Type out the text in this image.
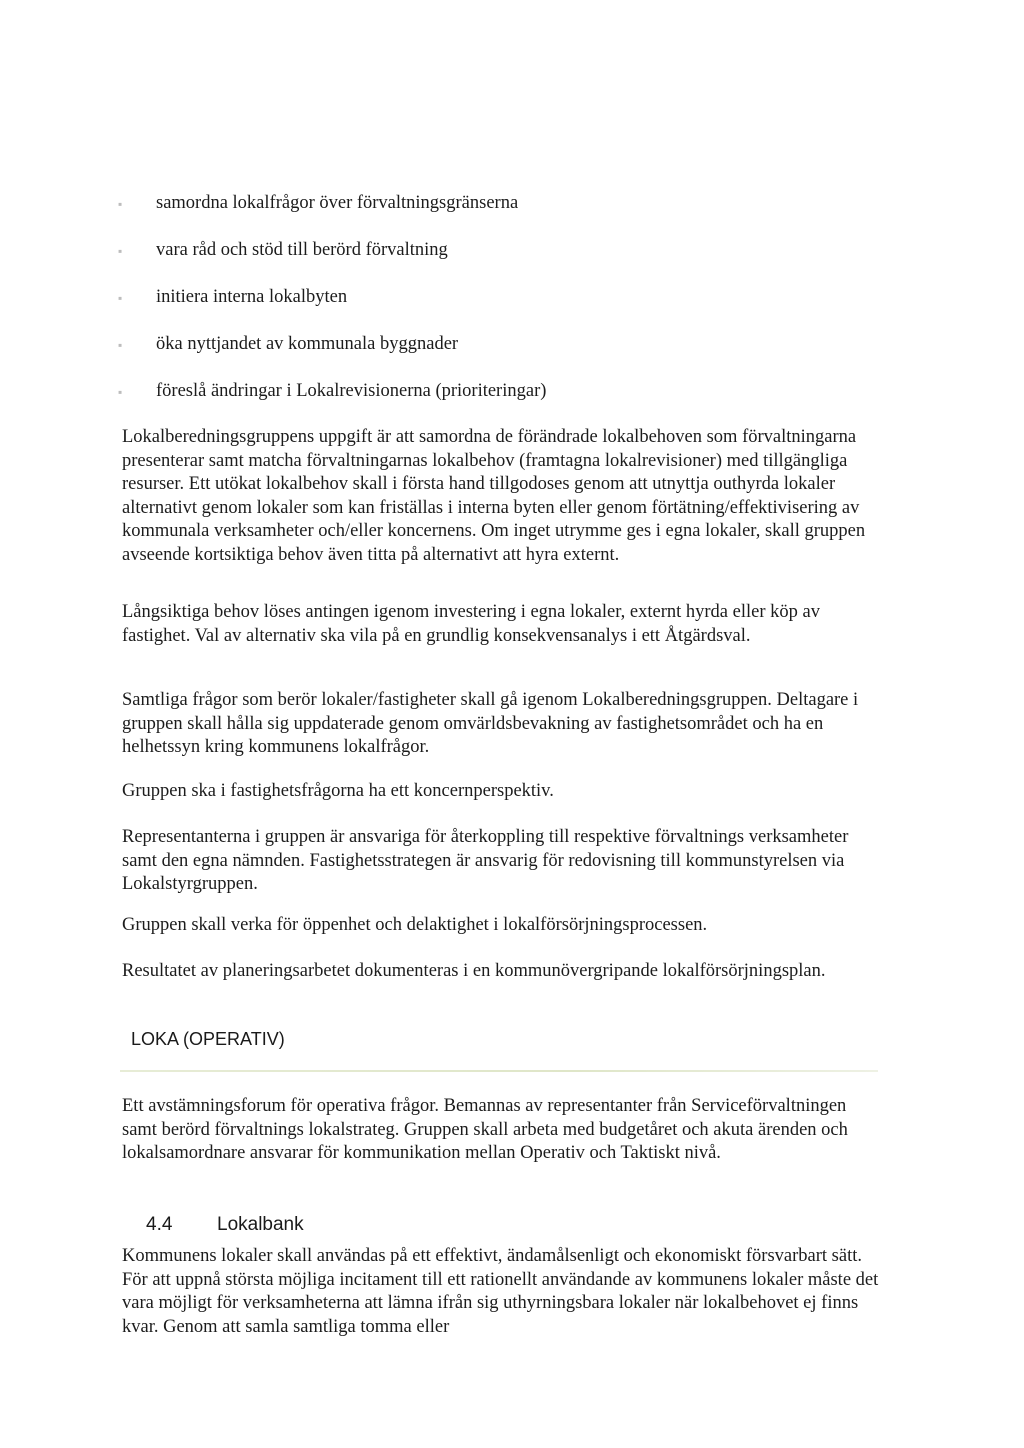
▪	samordna lokalfrågor över förvaltningsgränserna
▪	vara råd och stöd till berörd förvaltning
▪	initiera interna lokalbyten
▪	öka nyttjandet av kommunala byggnader
▪	föreslå ändringar i Lokalrevisionerna (prioriteringar)

Lokalberedningsgruppens uppgift är att samordna de förändrade lokalbehoven som förvaltningarna presenterar samt matcha förvaltningarnas lokalbehov (framtagna lokalrevisioner) med tillgängliga resurser. Ett utökat lokalbehov skall i första hand tillgodoses genom att utnyttja outhyrda lokaler alternativt genom lokaler som kan friställas i interna byten eller genom förtätning/effektivisering av kommunala verksamheter och/eller koncernens. Om inget utrymme ges i egna lokaler, skall gruppen avseende kortsiktiga behov även titta på alternativt att hyra externt.

Långsiktiga behov löses antingen igenom investering i egna lokaler, externt hyrda eller köp av fastighet. Val av alternativ ska vila på en grundlig konsekvensanalys i ett Åtgärdsval.

Samtliga frågor som berör lokaler/fastigheter skall gå igenom Lokalberedningsgruppen. Deltagare i gruppen skall hålla sig uppdaterade genom omvärldsbevakning av fastighetsområdet och ha en helhetssyn kring kommunens lokalfrågor.

Gruppen ska i fastighetsfrågorna ha ett koncernperspektiv.

Representanterna i gruppen är ansvariga för återkoppling till respektive förvaltnings verksamheter samt den egna nämnden. Fastighetsstrategen är ansvarig för redovisning till kommunstyrelsen via Lokalstyrgruppen.

Gruppen skall verka för öppenhet och delaktighet i lokalförsörjningsprocessen.

Resultatet av planeringsarbetet dokumenteras i en kommunövergripande lokalförsörjningsplan.

LOKA (OPERATIV)

Ett avstämningsforum för operativa frågor. Bemannas av representanter från Serviceförvaltningen samt berörd förvaltnings lokalstrateg. Gruppen skall arbeta med budgetåret och akuta ärenden och lokalsamordnare ansvarar för kommunikation mellan Operativ och Taktiskt nivå.

4.4	Lokalbank

Kommunens lokaler skall användas på ett effektivt, ändamålsenligt och ekonomiskt försvarbart sätt. För att uppnå största möjliga incitament till ett rationellt användande av kommunens lokaler måste det vara möjligt för verksamheterna att lämna ifrån sig uthyrningsbara lokaler när lokalbehovet ej finns kvar. Genom att samla samtliga tomma eller
